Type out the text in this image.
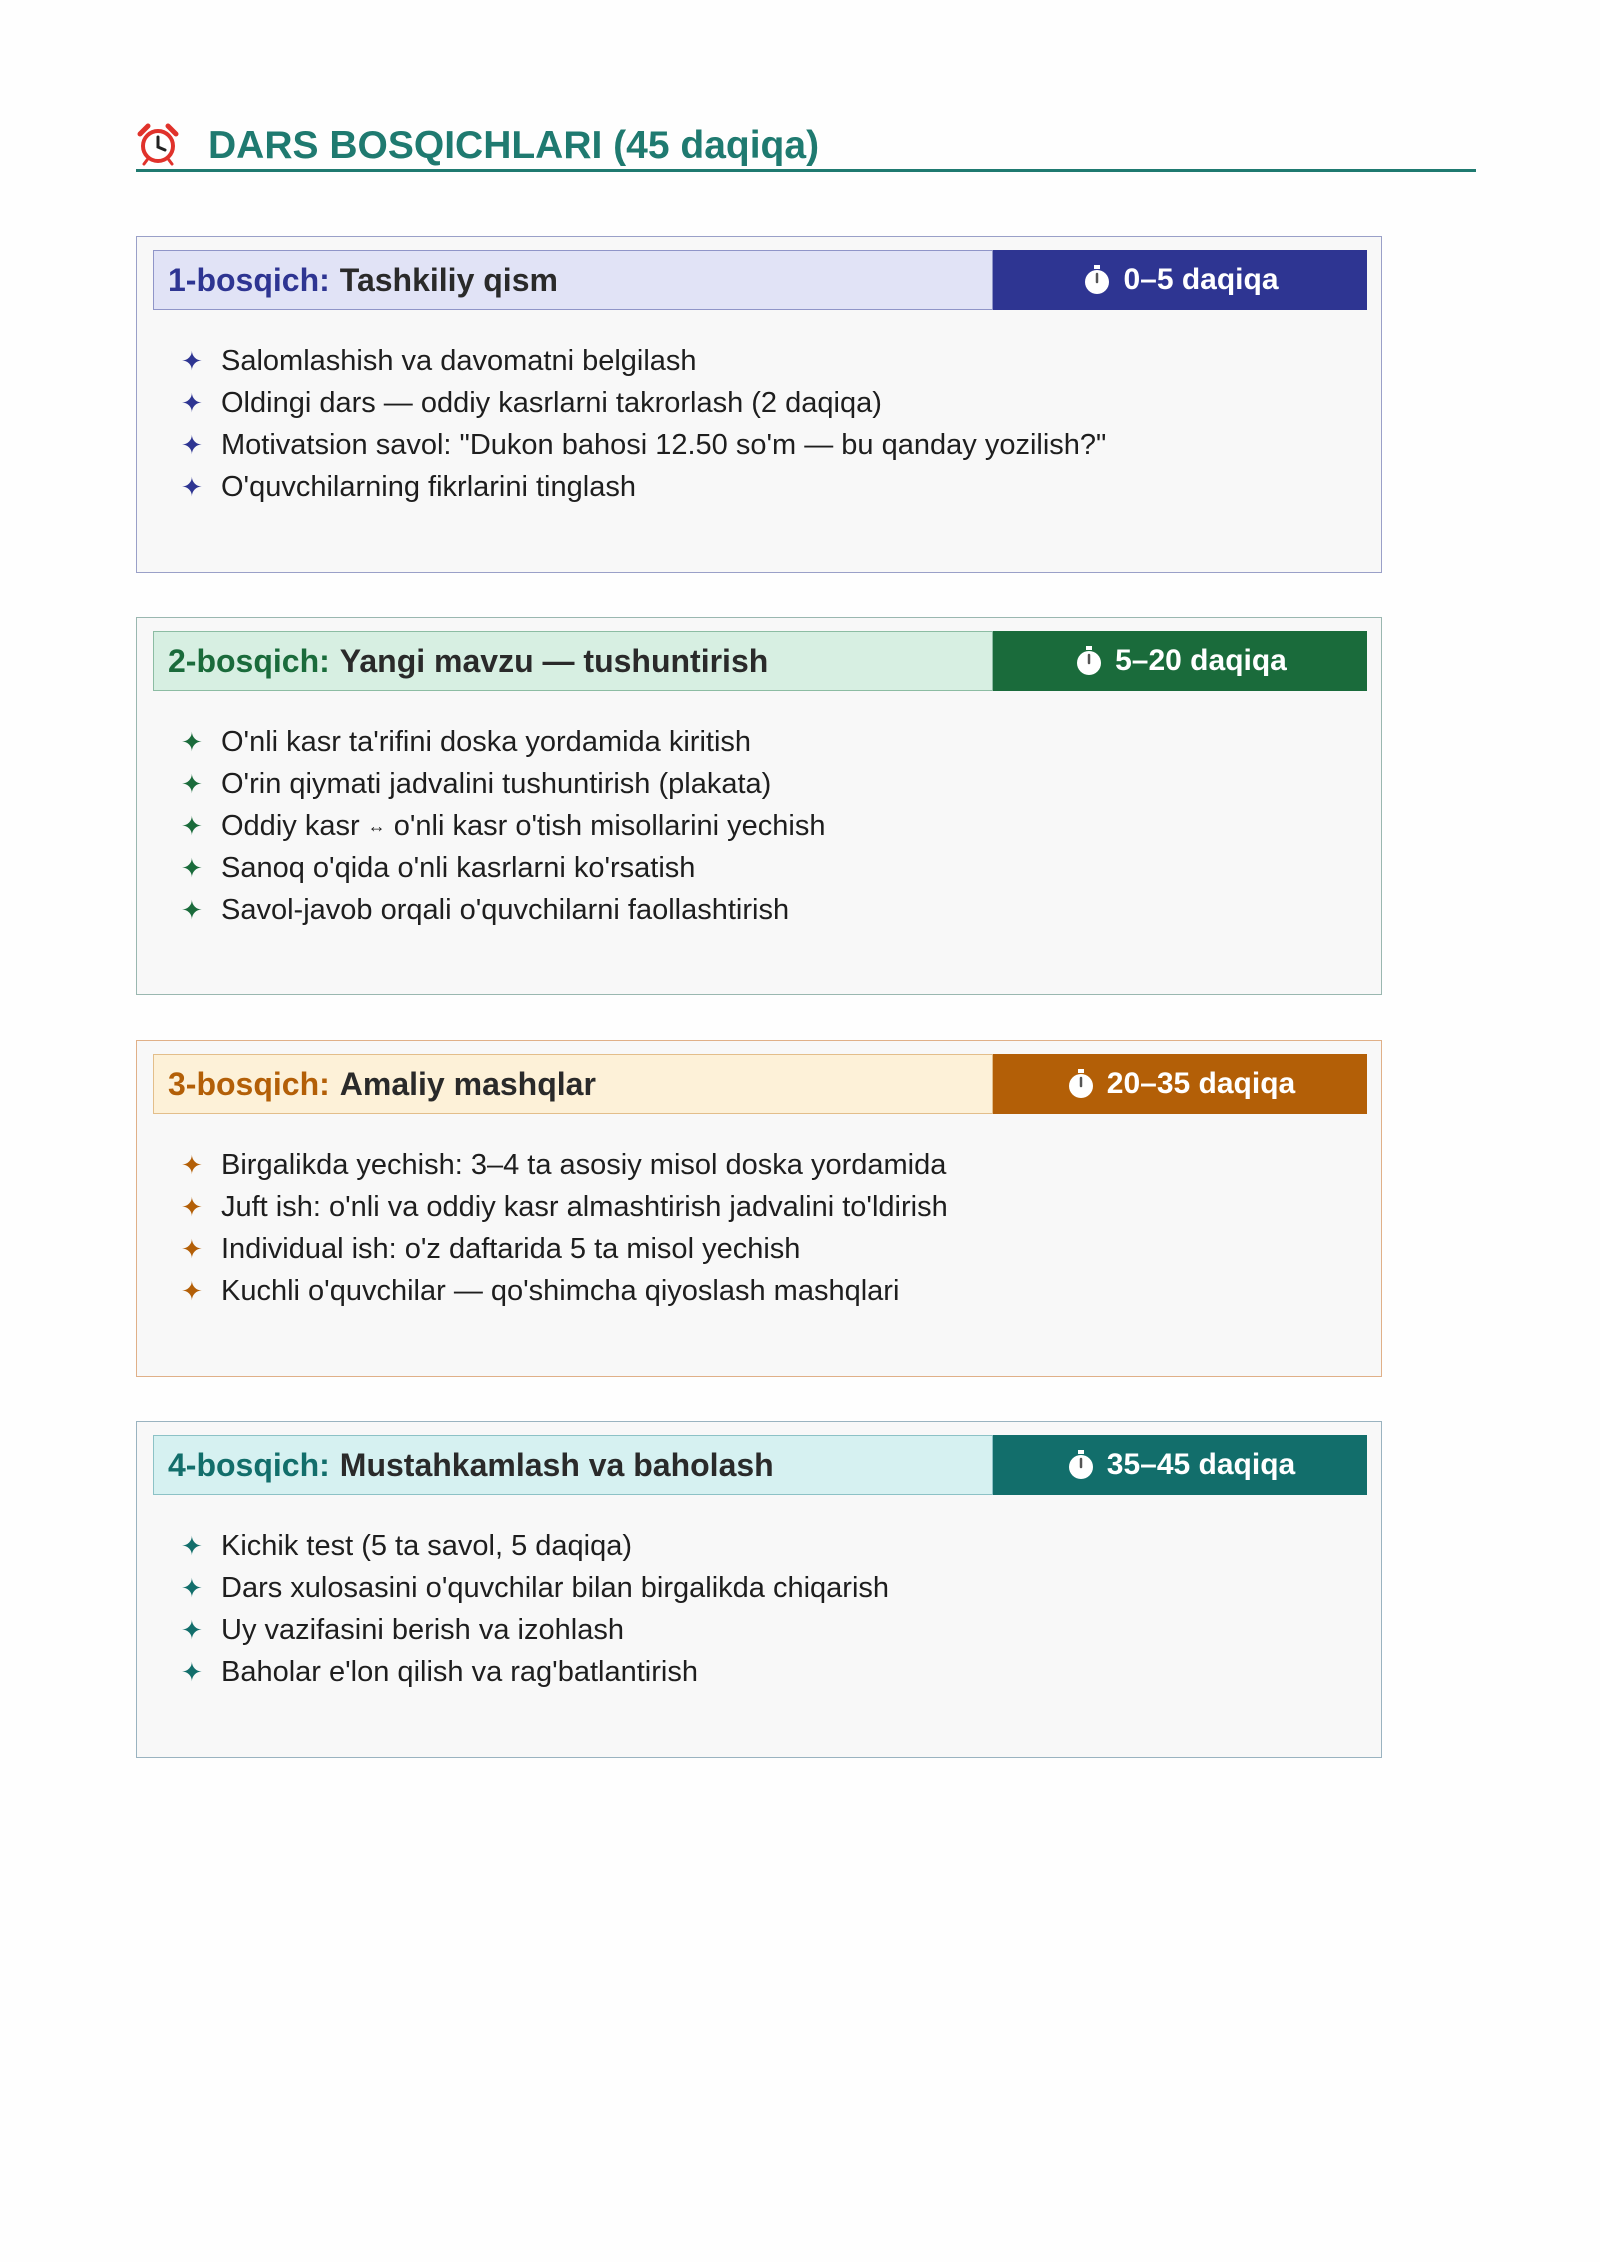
DARS BOSQICHLARI (45 daqiqa)
1-bosqich: Tashkiliy qism	0–5 daqiqa
✦ Salomlashish va davomatni belgilash
✦ Oldingi dars — oddiy kasrlarni takrorlash (2 daqiqa)
✦ Motivatsion savol: "Dukon bahosi 12.50 so'm — bu qanday yozilish?"
✦ O'quvchilarning fikrlarini tinglash
2-bosqich: Yangi mavzu — tushuntirish	5–20 daqiqa
✦ O'nli kasr ta'rifini doska yordamida kiritish
✦ O'rin qiymati jadvalini tushuntirish (plakata)
✦ Oddiy kasr
↔
o'nli kasr o'tish misollarini yechish
✦ Sanoq o'qida o'nli kasrlarni ko'rsatish
✦ Savol-javob orqali o'quvchilarni faollashtirish
3-bosqich: Amaliy mashqlar	20–35 daqiqa
✦ Birgalikda yechish: 3–4 ta asosiy misol doska yordamida
✦ Juft ish: o'nli va oddiy kasr almashtirish jadvalini to'ldirish
✦ Individual ish: o'z daftarida 5 ta misol yechish
✦ Kuchli o'quvchilar — qo'shimcha qiyoslash mashqlari
4-bosqich: Mustahkamlash va baholash	35–45 daqiqa
✦ Kichik test (5 ta savol, 5 daqiqa)
✦ Dars xulosasini o'quvchilar bilan birgalikda chiqarish
✦ Uy vazifasini berish va izohlash
✦ Baholar e'lon qilish va rag'batlantirish
